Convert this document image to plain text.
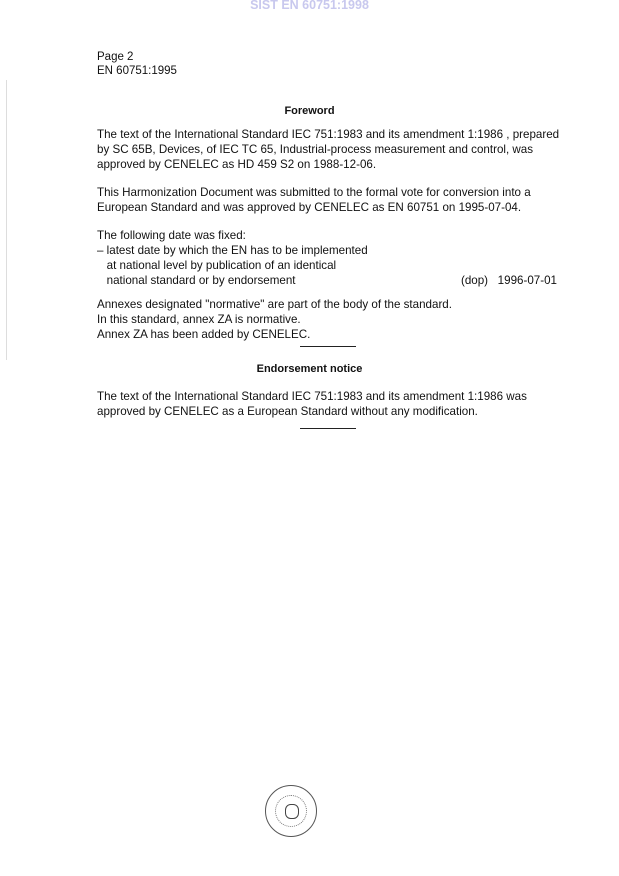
SIST EN 60751:1998
Page 2
EN 60751:1995
Foreword
The text of the International Standard IEC 751:1983 and its amendment 1:1986 , prepared
by SC 65B, Devices, of IEC TC 65, Industrial-process measurement and control, was
approved by CENELEC as HD 459 S2 on 1988-12-06.
This Harmonization Document was submitted to the formal vote for conversion into a
European Standard and was approved by CENELEC as EN 60751 on 1995-07-04.
The following date was fixed:
– latest date by which the EN has to be implemented
at national level by publication of an identical
national standard or by endorsement	(dop)   1996-07-01
Annexes designated "normative" are part of the body of the standard.
In this standard, annex ZA is normative.
Annex ZA has been added by CENELEC.
Endorsement notice
The text of the International Standard IEC 751:1983 and its amendment 1:1986 was
approved by CENELEC as a European Standard without any modification.
